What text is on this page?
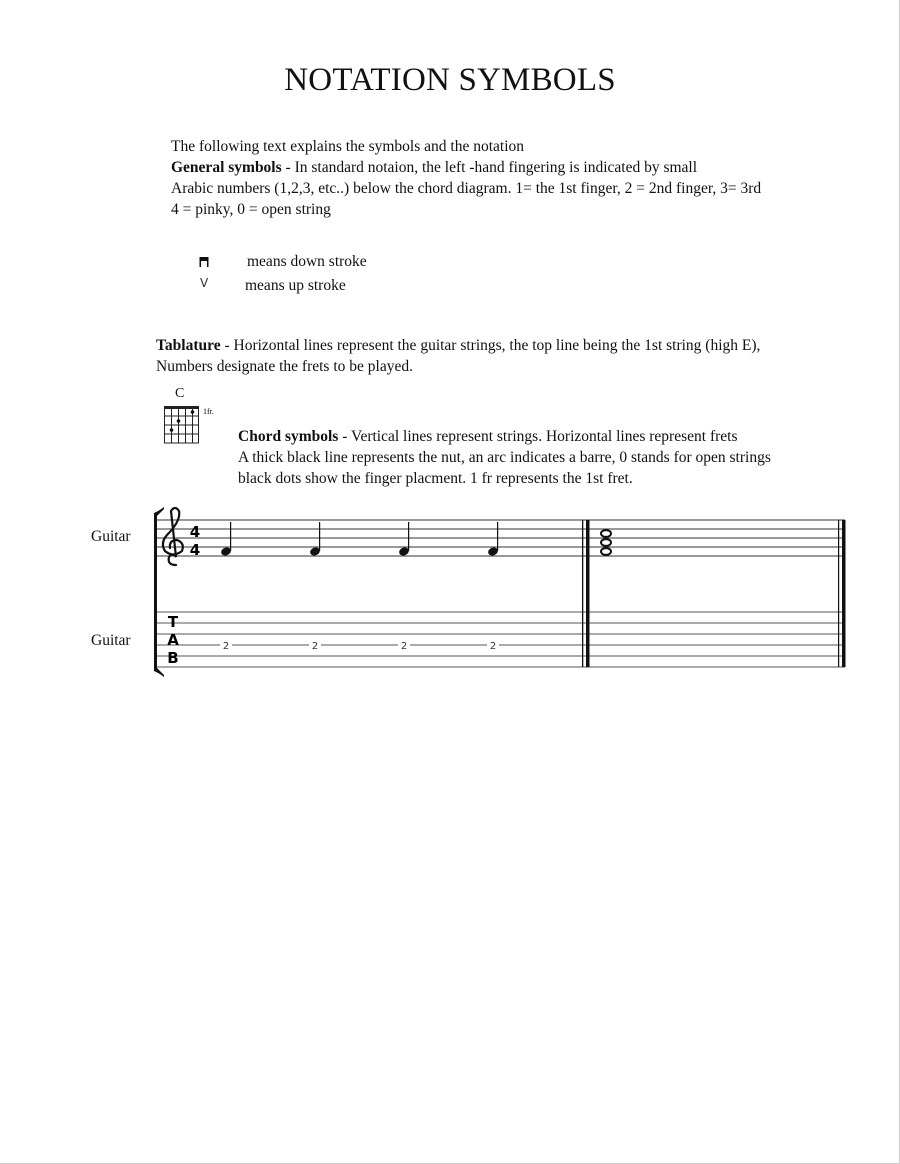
NOTATION SYMBOLS
The following text explains the symbols and the notation
General symbols - In standard notaion, the left -hand fingering is indicated by small
Arabic numbers (1,2,3, etc..) below the chord diagram. 1= the 1st finger, 2 = 2nd finger, 3= 3rd
4 = pinky, 0 = open string
means down stroke
V means up stroke
Tablature - Horizontal lines represent the guitar strings, the top line being the 1st string (high E),
Numbers designate the frets to be played.
C
1fr.
Chord symbols - Vertical lines represent strings. Horizontal lines represent frets
A thick black line represents the nut, an arc indicates a barre, 0 stands for open strings
black dots show the finger placment. 1 fr represents the 1st fret.
Guitar
Guitar
4
4
T
A
B
2	2	2	2
